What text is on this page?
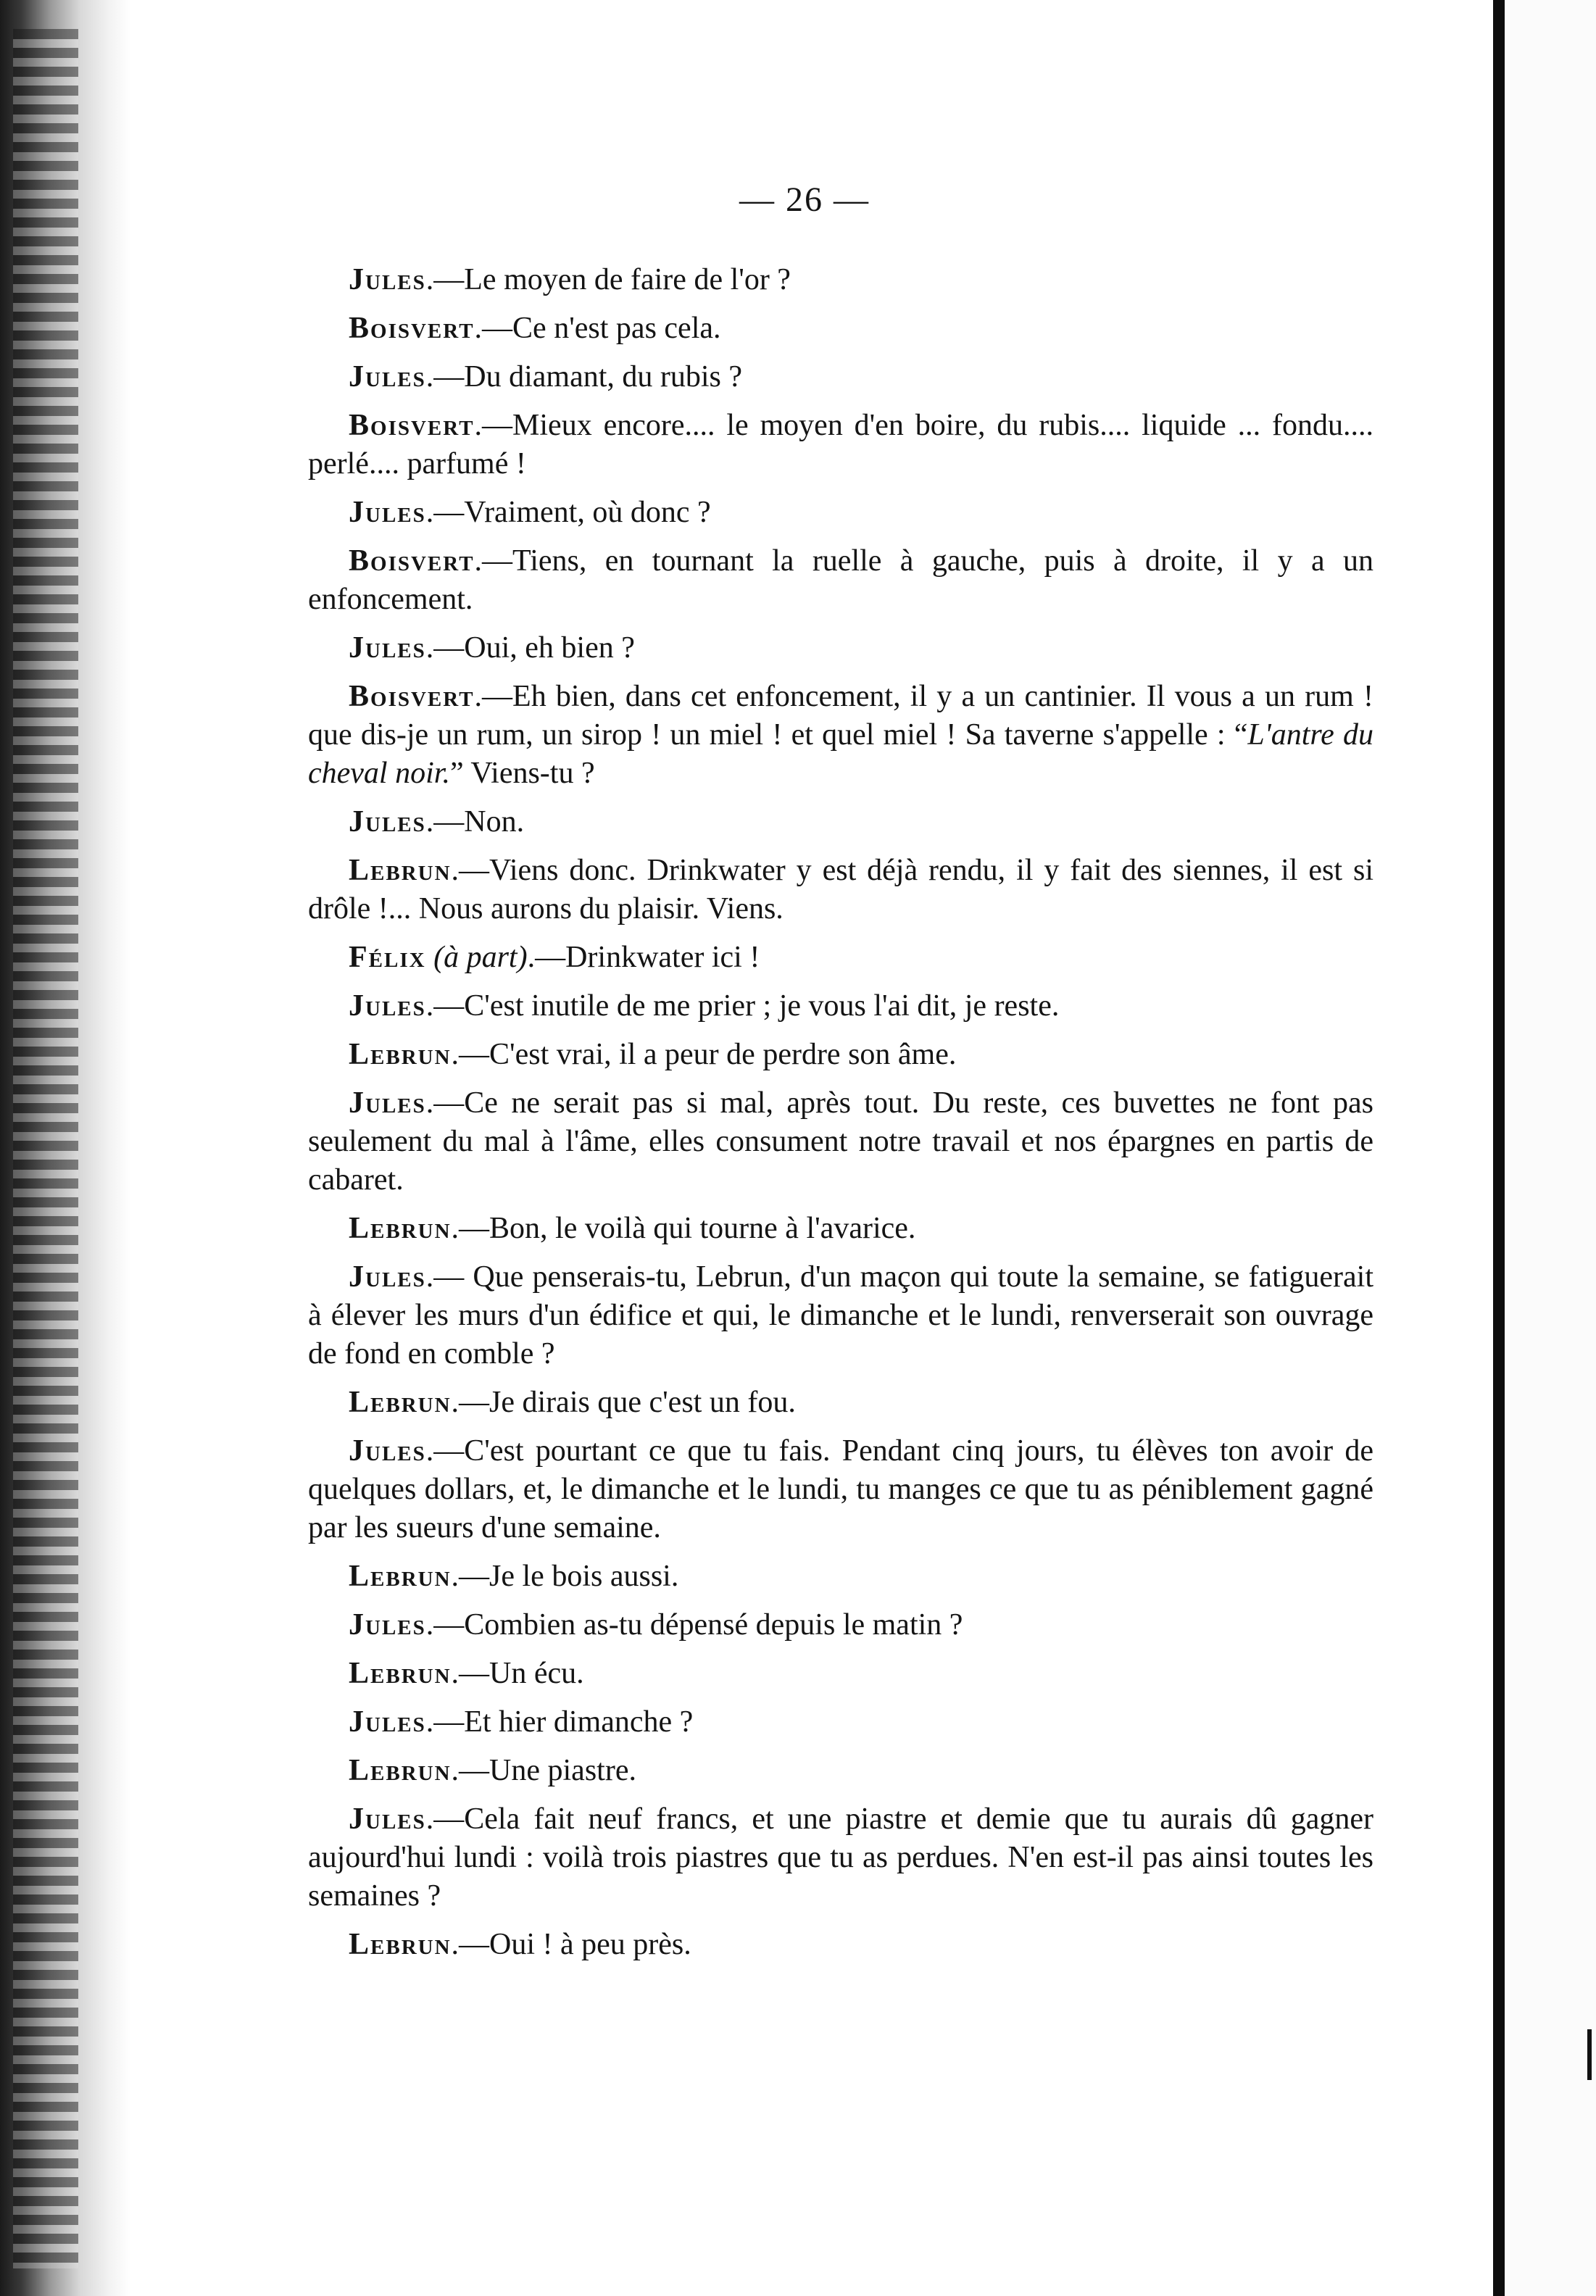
— 26 —

Jules.—Le moyen de faire de l'or ?

Boisvert.—Ce n'est pas cela.

Jules.—Du diamant, du rubis ?

Boisvert.—Mieux encore.... le moyen d'en boire, du rubis.... liquide ... fondu.... perlé.... parfumé !

Jules.—Vraiment, où donc ?

Boisvert.—Tiens, en tournant la ruelle à gauche, puis à droite, il y a un enfoncement.

Jules.—Oui, eh bien ?

Boisvert.—Eh bien, dans cet enfoncement, il y a un cantinier. Il vous a un rum ! que dis-je un rum, un sirop ! un miel ! et quel miel ! Sa taverne s'appelle : “L'antre du cheval noir.” Viens-tu ?

Jules.—Non.

Lebrun.—Viens donc. Drinkwater y est déjà rendu, il y fait des siennes, il est si drôle !... Nous aurons du plaisir. Viens.

Félix (à part).—Drinkwater ici !

Jules.—C'est inutile de me prier ; je vous l'ai dit, je reste.

Lebrun.—C'est vrai, il a peur de perdre son âme.

Jules.—Ce ne serait pas si mal, après tout. Du reste, ces buvettes ne font pas seulement du mal à l'âme, elles consument notre travail et nos épargnes en partis de cabaret.

Lebrun.—Bon, le voilà qui tourne à l'avarice.

Jules.— Que penserais-tu, Lebrun, d'un maçon qui toute la semaine, se fatiguerait à élever les murs d'un édifice et qui, le dimanche et le lundi, renverserait son ouvrage de fond en comble ?

Lebrun.—Je dirais que c'est un fou.

Jules.—C'est pourtant ce que tu fais. Pendant cinq jours, tu élèves ton avoir de quelques dollars, et, le dimanche et le lundi, tu manges ce que tu as péniblement gagné par les sueurs d'une semaine.

Lebrun.—Je le bois aussi.

Jules.—Combien as-tu dépensé depuis le matin ?

Lebrun.—Un écu.

Jules.—Et hier dimanche ?

Lebrun.—Une piastre.

Jules.—Cela fait neuf francs, et une piastre et demie que tu aurais dû gagner aujourd'hui lundi : voilà trois piastres que tu as perdues. N'en est-il pas ainsi toutes les semaines ?

Lebrun.—Oui ! à peu près.
